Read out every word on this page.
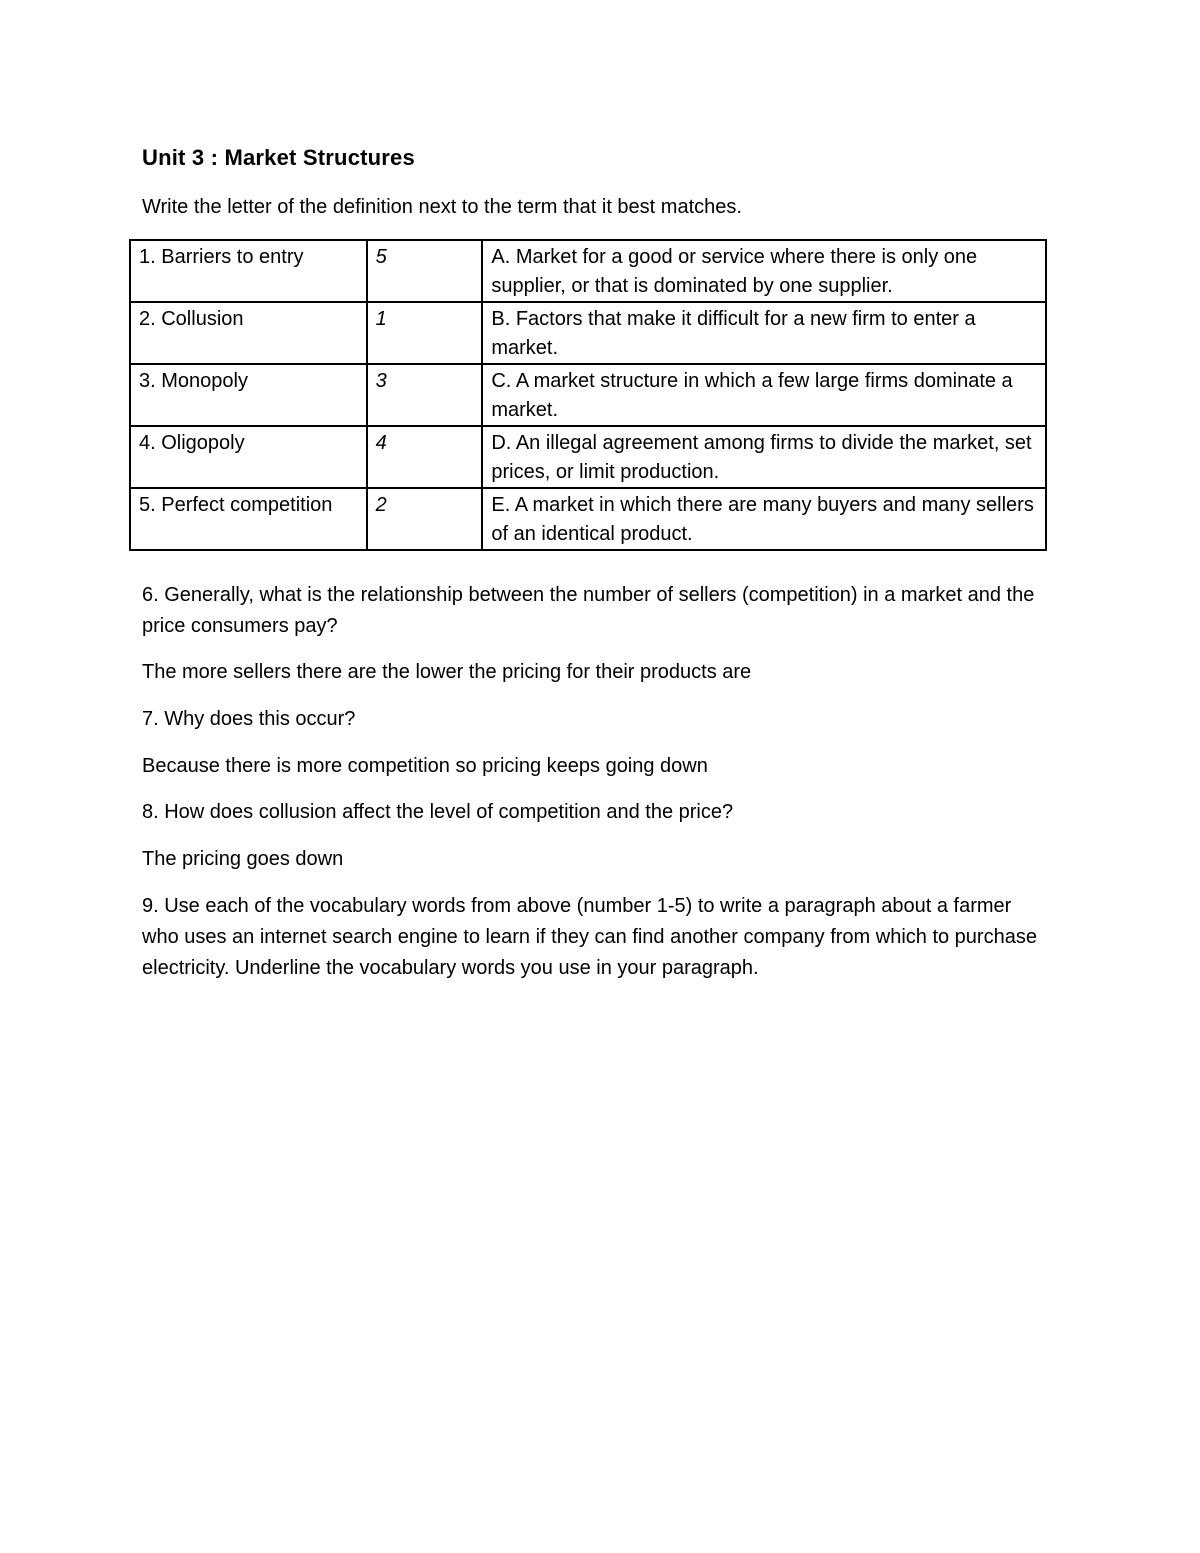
Unit 3 : Market Structures
Write the letter of the definition next to the term that it best matches.
1. Barriers to entry	5	A. Market for a good or service where there is only one supplier, or that is dominated by one supplier.
2. Collusion	1	B. Factors that make it difficult for a new firm to enter a market.
3. Monopoly	3	C. A market structure in which a few large firms dominate a market.
4. Oligopoly	4	D. An illegal agreement among firms to divide the market, set prices, or limit production.
5. Perfect competition	2	E. A market in which there are many buyers and many sellers of an identical product.
6. Generally, what is the relationship between the number of sellers (competition) in a market and the price consumers pay?
The more sellers there are the lower the pricing for their products are
7. Why does this occur?
Because there is more competition so pricing keeps going down
8. How does collusion affect the level of competition and the price?
The pricing goes down
9. Use each of the vocabulary words from above (number 1-5) to write a paragraph about a farmer who uses an internet search engine to learn if they can find another company from which to purchase electricity. Underline the vocabulary words you use in your paragraph.
